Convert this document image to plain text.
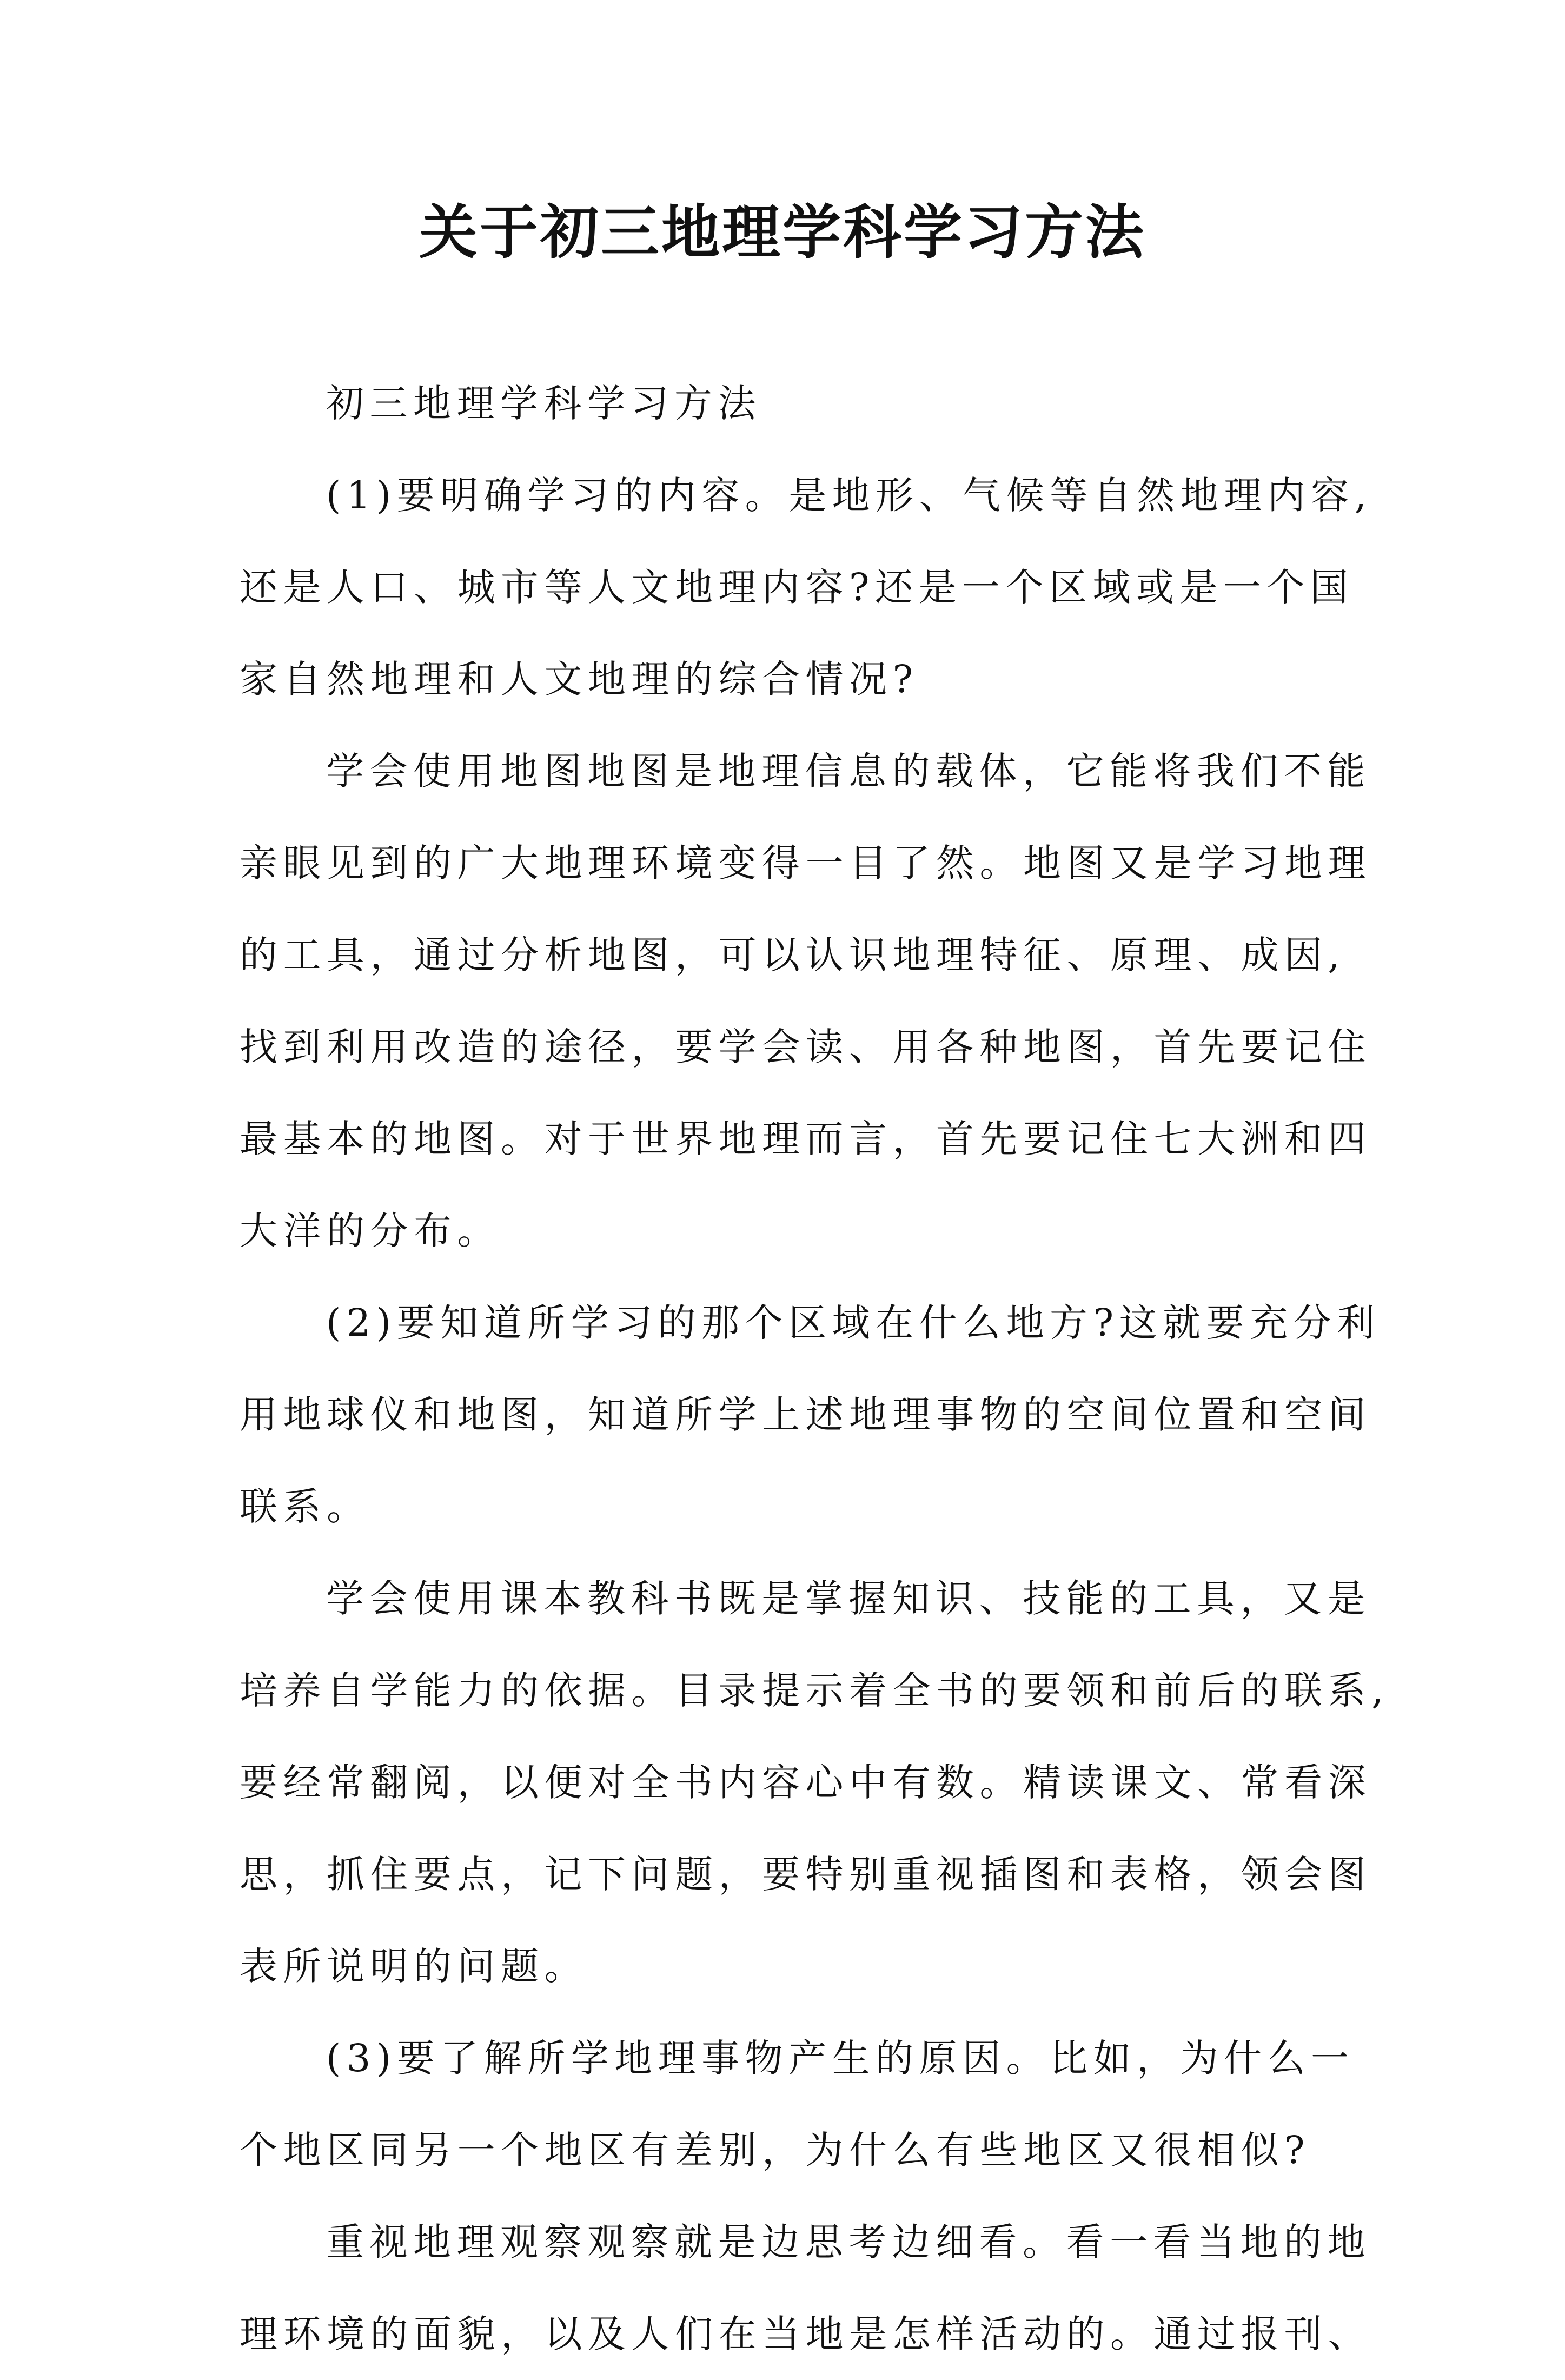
关于初三地理学科学习方法
初三地理学科学习方法
(1)要明确学习的内容。是地形、气候等自然地理内容,
还是人口、城市等人文地理内容?还是一个区域或是一个国
家自然地理和人文地理的综合情况?
学会使用地图地图是地理信息的载体，它能将我们不能
亲眼见到的广大地理环境变得一目了然。地图又是学习地理
的工具，通过分析地图，可以认识地理特征、原理、成因,
找到利用改造的途径，要学会读、用各种地图，首先要记住
最基本的地图。对于世界地理而言，首先要记住七大洲和四
大洋的分布。
(2)要知道所学习的那个区域在什么地方?这就要充分利
用地球仪和地图，知道所学上述地理事物的空间位置和空间
联系。
学会使用课本教科书既是掌握知识、技能的工具，又是
培养自学能力的依据。目录提示着全书的要领和前后的联系,
要经常翻阅，以便对全书内容心中有数。精读课文、常看深
思，抓住要点，记下问题，要特别重视插图和表格，领会图
表所说明的问题。
(3)要了解所学地理事物产生的原因。比如，为什么一
个地区同另一个地区有差别，为什么有些地区又很相似?
重视地理观察观察就是边思考边细看。看一看当地的地
理环境的面貌，以及人们在当地是怎样活动的。通过报刊、
